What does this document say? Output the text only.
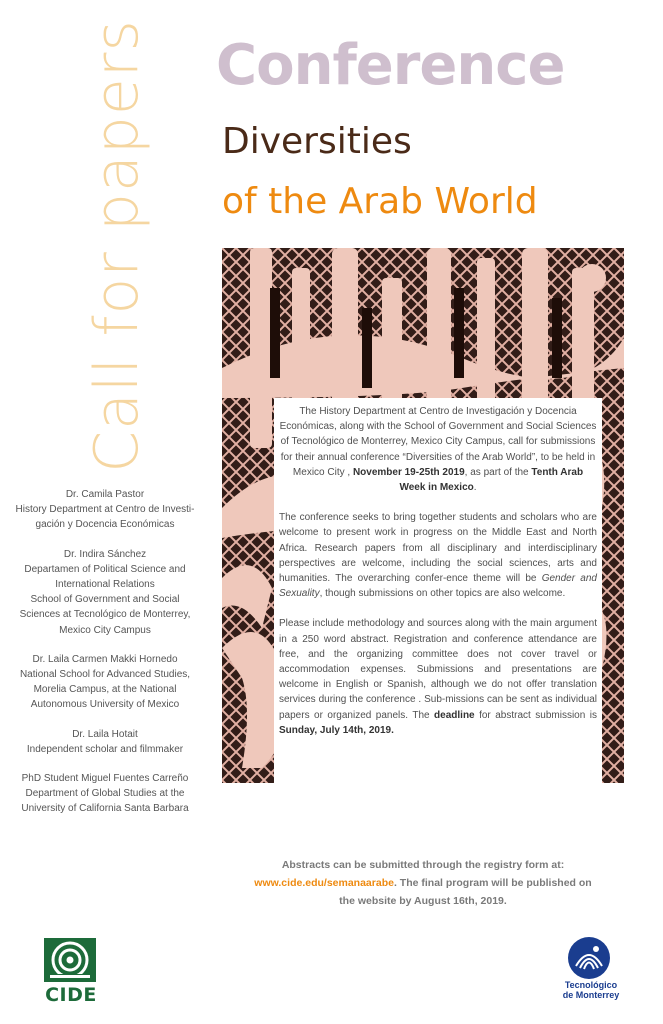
Call for papers Conference
Diversities
of the Arab World

The History Department at Centro de Investigación y Docencia Económicas, along with the School of Government and Social Sciences of Tecnológico de Monterrey, Mexico City Campus, call for submissions for their annual conference “Diversities of the Arab World”, to be held in Mexico City , November 19-25th 2019, as part of the Tenth Arab Week in Mexico.

The conference seeks to bring together students and scholars who are welcome to present work in progress on the Middle East and North Africa. Research papers from all disciplinary and interdisciplinary perspectives are welcome, including the social sciences, arts and humanities. The overarching confer-ence theme will be Gender and Sexuality, though submissions on other topics are also welcome.

Please include methodology and sources along with the main argument in a 250 word abstract. Registration and conference attendance are free, and the organizing committee does not cover travel or accommodation expenses. Submissions and presentations are welcome in English or Spanish, although we do not offer translation services during the conference . Sub-missions can be sent as individual papers or organized panels. The deadline for abstract submission is Sunday, July 14th, 2019.

Dr. Camila Pastor
History Department at Centro de Investi-
gación y Docencia Económicas
Dr. Indira Sánchez
Departamen of Political Science and
International Relations
School of Government and Social
Sciences at Tecnológico de Monterrey,
Mexico City Campus
Dr. Laila Carmen Makki Hornedo
National School for Advanced Studies,
Morelia Campus, at the National
Autonomous University of Mexico
Dr. Laila Hotait
Independent scholar and filmmaker
PhD Student Miguel Fuentes Carreño
Department of Global Studies at the
University of California Santa Barbara
Abstracts can be submitted through the registry form at:
www.cide.edu/semanaarabe. The final program will be published on
the website by August 16th, 2019.
CIDE	Tecnológico
de Monterrey
